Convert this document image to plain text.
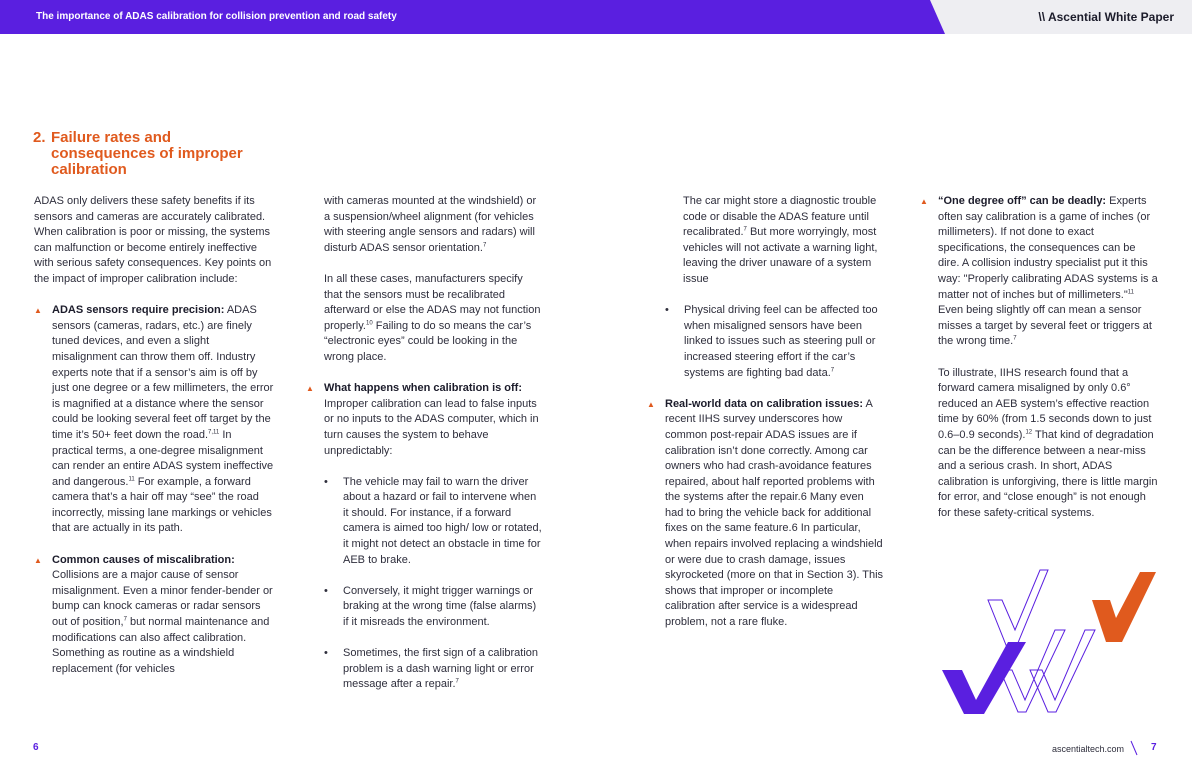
The importance of ADAS calibration for collision prevention and road safety	\\ Ascential White Paper
2. Failure rates and consequences of improper calibration

ADAS only delivers these safety benefits if its sensors and cameras are accurately calibrated. When calibration is poor or missing, the systems can malfunction or become entirely ineffective with serious safety consequences. Key points on the impact of improper calibration include:

▲ ADAS sensors require precision: ADAS sensors (cameras, radars, etc.) are finely tuned devices, and even a slight misalignment can throw them off. Industry experts note that if a sensor’s aim is off by just one degree or a few millimeters, the error is magnified at a distance where the sensor could be looking several feet off target by the time it’s 50+ feet down the road.$^{7,11}$ In practical terms, a one-degree misalignment can render an entire ADAS system ineffective and dangerous.$^{11}$ For example, a forward camera that’s a hair off may “see” the road incorrectly, missing lane markings or vehicles that are actually in its path.

▲ Common causes of miscalibration: Collisions are a major cause of sensor misalignment. Even a minor fender-bender or bump can knock cameras or radar sensors out of position,$^7$ but normal maintenance and modifications can also affect calibration. Something as routine as a windshield replacement (for vehicles

with cameras mounted at the windshield) or a suspension/wheel alignment (for vehicles with steering angle sensors and radars) will disturb ADAS sensor orientation.$^7$

In all these cases, manufacturers specify that the sensors must be recalibrated afterward or else the ADAS may not function properly.$^{10}$ Failing to do so means the car’s “electronic eyes” could be looking in the wrong place.

▲ What happens when calibration is off: Improper calibration can lead to false inputs or no inputs to the ADAS computer, which in turn causes the system to behave unpredictably:

• The vehicle may fail to warn the driver about a hazard or fail to intervene when it should. For instance, if a forward camera is aimed too high/ low or rotated, it might not detect an obstacle in time for AEB to brake.

• Conversely, it might trigger warnings or braking at the wrong time (false alarms) if it misreads the environment.

• Sometimes, the first sign of a calibration problem is a dash warning light or error message after a repair.$^7$

The car might store a diagnostic trouble code or disable the ADAS feature until recalibrated.$^7$ But more worryingly, most vehicles will not activate a warning light, leaving the driver unaware of a system issue

• Physical driving feel can be affected too when misaligned sensors have been linked to issues such as steering pull or increased steering effort if the car’s systems are fighting bad data.$^7$

▲ Real-world data on calibration issues: A recent IIHS survey underscores how common post-repair ADAS issues are if calibration isn’t done correctly. Among car owners who had crash-avoidance features repaired, about half reported problems with the systems after the repair.6 Many even had to bring the vehicle back for additional fixes on the same feature.6 In particular, when repairs involved replacing a windshield or were due to crash damage, issues skyrocketed (more on that in Section 3). This shows that improper or incomplete calibration after service is a widespread problem, not a rare fluke.

▲ “One degree off” can be deadly: Experts often say calibration is a game of inches (or millimeters). If not done to exact specifications, the consequences can be dire. A collision industry specialist put it this way: "Properly calibrating ADAS systems is a matter not of inches but of millimeters."$^{11}$ Even being slightly off can mean a sensor misses a target by several feet or triggers at the wrong time.$^7$

To illustrate, IIHS research found that a forward camera misaligned by only 0.6° reduced an AEB system’s effective reaction time by 60% (from 1.5 seconds down to just 0.6–0.9 seconds).$^{12}$ That kind of degradation can be the difference between a near-miss and a serious crash. In short, ADAS calibration is unforgiving, there is little margin for error, and “close enough” is not enough for these safety-critical systems.

6	ascentialtech.com	7
